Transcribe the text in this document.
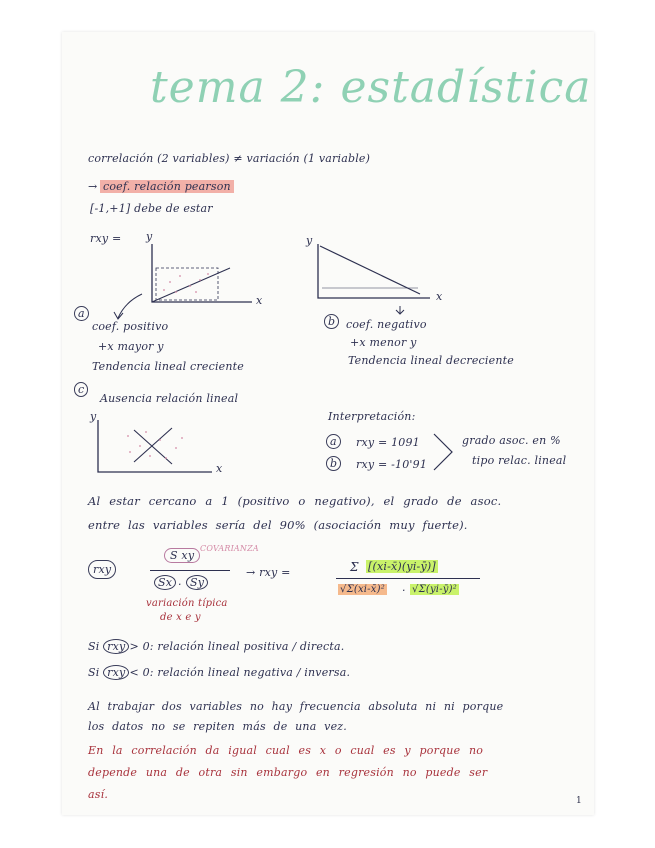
tema 2: estadística
correlación (2 variables) ≠ variación (1 variable)
→ coef. relación pearson
[-1,+1] debe de estar
rxy = y
x
y
x
a
coef. positivo
+x mayor y
Tendencia lineal creciente
b coef. negativo
+x menor y
Tendencia lineal decreciente
c
Ausencia relación lineal
y
x
Interpretación:
a	rxy = 1091
b	rxy = -10'91
grado asoc. en %
tipo relac. lineal
Al estar cercano a 1 (positivo o negativo), el grado de asoc.
entre las variables sería del 90% (asociación muy fuerte).
COVARIANZA
S xy
rxy
Sx · Sy
→ rxy =	Σ [(xi-x̄)(yi-ȳ)]
√Σ(xi-x̄)² · √Σ(yi-ȳ)²
variación típica
de x e y
Si rxy > 0: relación lineal positiva / directa.
Si rxy < 0: relación lineal negativa / inversa.
Al trabajar dos variables no hay frecuencia absoluta ni ni porque
los datos no se repiten más de una vez.
En la correlación da igual cual es x o cual es y porque no
depende una de otra sin embargo en regresión no puede ser
así.	1
